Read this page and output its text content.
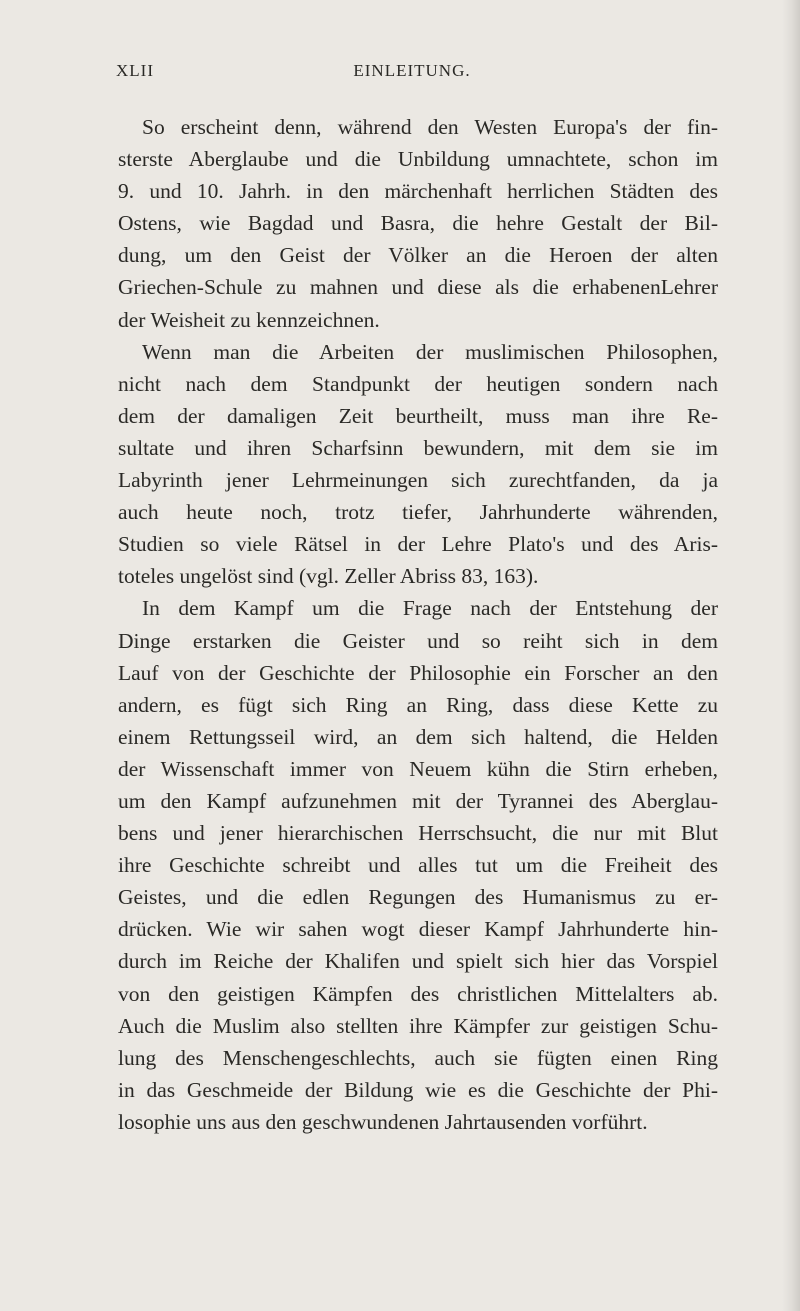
XLII	EINLEITUNG.
So erscheint denn, während den Westen Europa's der fin-
sterste Aberglaube und die Unbildung umnachtete, schon im
9. und 10. Jahrh. in den märchenhaft herrlichen Städten des
Ostens, wie Bagdad und Basra, die hehre Gestalt der Bil-
dung, um den Geist der Völker an die Heroen der alten
Griechen-Schule zu mahnen und diese als die erhabenenLehrer
der Weisheit zu kennzeichnen.
Wenn man die Arbeiten der muslimischen Philosophen,
nicht nach dem Standpunkt der heutigen sondern nach
dem der damaligen Zeit beurtheilt, muss man ihre Re-
sultate und ihren Scharfsinn bewundern, mit dem sie im
Labyrinth jener Lehrmeinungen sich zurechtfanden, da ja
auch heute noch, trotz tiefer, Jahrhunderte währenden,
Studien so viele Rätsel in der Lehre Plato's und des Aris-
toteles ungelöst sind (vgl. Zeller Abriss 83, 163).
In dem Kampf um die Frage nach der Entstehung der
Dinge erstarken die Geister und so reiht sich in dem
Lauf von der Geschichte der Philosophie ein Forscher an den
andern, es fügt sich Ring an Ring, dass diese Kette zu
einem Rettungsseil wird, an dem sich haltend, die Helden
der Wissenschaft immer von Neuem kühn die Stirn erheben,
um den Kampf aufzunehmen mit der Tyrannei des Aberglau-
bens und jener hierarchischen Herrschsucht, die nur mit Blut
ihre Geschichte schreibt und alles tut um die Freiheit des
Geistes, und die edlen Regungen des Humanismus zu er-
drücken. Wie wir sahen wogt dieser Kampf Jahrhunderte hin-
durch im Reiche der Khalifen und spielt sich hier das Vorspiel
von den geistigen Kämpfen des christlichen Mittelalters ab.
Auch die Muslim also stellten ihre Kämpfer zur geistigen Schu-
lung des Menschengeschlechts, auch sie fügten einen Ring
in das Geschmeide der Bildung wie es die Geschichte der Phi-
losophie uns aus den geschwundenen Jahrtausenden vorführt.
